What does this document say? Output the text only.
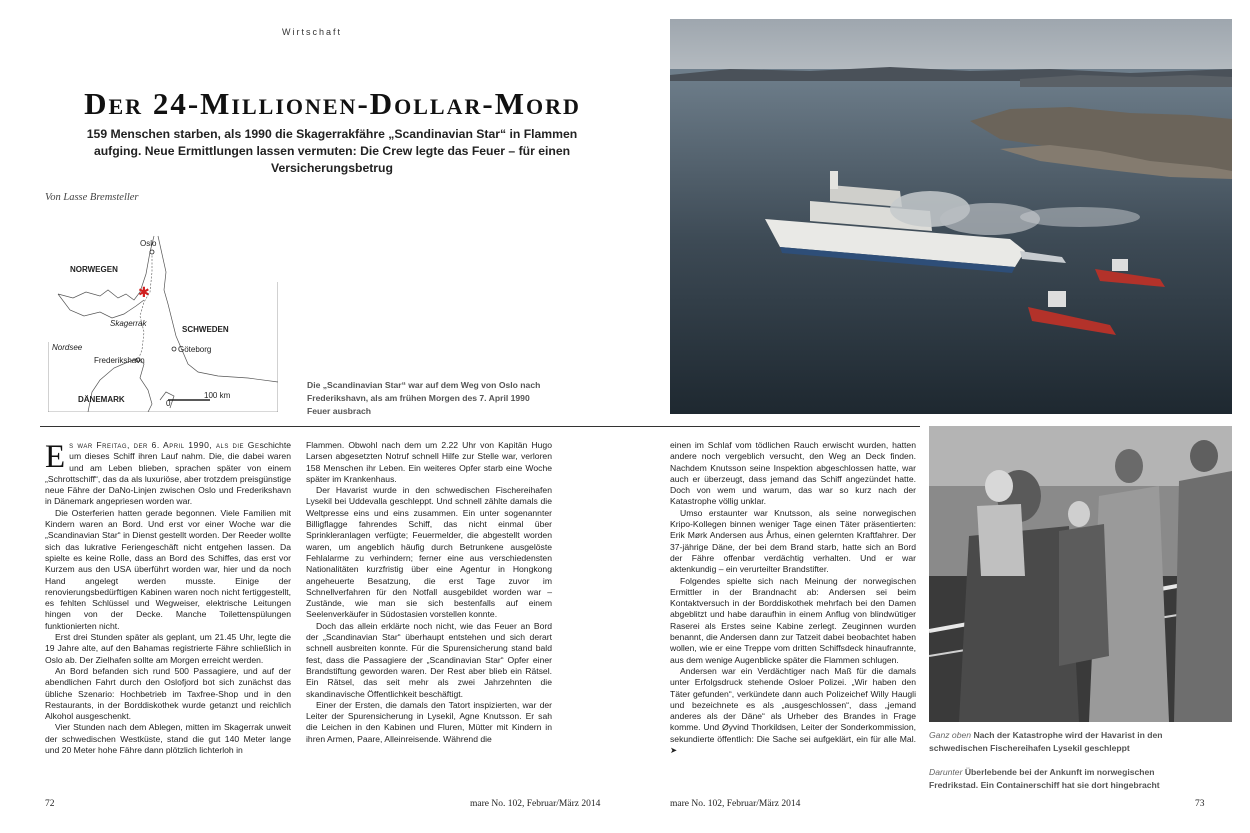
Wirtschaft
Der 24-Millionen-Dollar-Mord
159 Menschen starben, als 1990 die Skagerrakfähre „Scandinavian Star“ in Flammen aufging. Neue Ermittlungen lassen vermuten: Die Crew legte das Feuer – für einen Versicherungsbetrug
Von Lasse Bremsteller
✱
Oslo
NORWEGEN
SCHWEDEN
Nordsee
Skagerrak
Göteborg
Frederikshavn
DÄNEMARK	0
100 km
Die „Scandinavian Star“ war auf dem Weg von Oslo nach Frederikshavn, als am frühen Morgen des 7. April 1990 Feuer ausbrach

Es war Freitag, der 6. April 1990, als die Geschichte um dieses Schiff ihren Lauf nahm. Die, die dabei waren und am Leben blieben, sprachen später von einem „Schrottschiff“, das da als luxuriöse, aber trotzdem preisgünstige neue Fähre der DaNo-Linjen zwischen Oslo und Frederikshavn in Dänemark angepriesen worden war.

Die Osterferien hatten gerade begonnen. Viele Familien mit Kindern waren an Bord. Und erst vor einer Woche war die „Scandinavian Star“ in Dienst gestellt worden. Der Reeder wollte sich das lukrative Feriengeschäft nicht entgehen lassen. Da spielte es keine Rolle, dass an Bord des Schiffes, das erst vor Kurzem aus den USA überführt worden war, hier und da noch Hand angelegt werden musste. Einige der renovierungsbedürftigen Kabinen waren noch nicht fertiggestellt, es fehlten Schlüssel und Wegweiser, elektrische Leitungen hingen von der Decke. Manche Toilettenspülungen funktionierten nicht.

Erst drei Stunden später als geplant, um 21.45 Uhr, legte die 19 Jahre alte, auf den Bahamas registrierte Fähre schließlich in Oslo ab. Der Zielhafen sollte am Morgen erreicht werden.

An Bord befanden sich rund 500 Passagiere, und auf der abendlichen Fahrt durch den Oslofjord bot sich zunächst das übliche Szenario: Hochbetrieb im Taxfree-Shop und in den Restaurants, in der Borddiskothek wurde getanzt und reichlich Alkohol ausgeschenkt.

Vier Stunden nach dem Ablegen, mitten im Skagerrak unweit der schwedischen Westküste, stand die gut 140 Meter lange und 20 Meter hohe Fähre dann plötzlich lichterloh in

Flammen. Obwohl nach dem um 2.22 Uhr von Kapitän Hugo Larsen abgesetzten Notruf schnell Hilfe zur Stelle war, verloren 158 Menschen ihr Leben. Ein weiteres Opfer starb eine Woche später im Krankenhaus.

Der Havarist wurde in den schwedischen Fischereihafen Lysekil bei Uddevalla geschleppt. Und schnell zählte damals die Weltpresse eins und eins zusammen. Ein unter sogenannter Billigflagge fahrendes Schiff, das nicht einmal über Sprinkleranlagen verfügte; Feuermelder, die abgestellt worden waren, um angeblich häufig durch Betrunkene ausgelöste Fehlalarme zu verhindern; ferner eine aus verschiedensten Nationalitäten kurzfristig über eine Agentur in Hongkong angeheuerte Besatzung, die erst Tage zuvor im Schnellverfahren für den Notfall ausgebildet worden war – Zustände, wie man sie sich bestenfalls auf einem Seelenverkäufer in Südostasien vorstellen konnte.

Doch das allein erklärte noch nicht, wie das Feuer an Bord der „Scandinavian Star“ überhaupt entstehen und sich derart schnell ausbreiten konnte. Für die Spurensicherung stand bald fest, dass die Passagiere der „Scandinavian Star“ Opfer einer Brandstiftung geworden waren. Der Rest aber blieb ein Rätsel. Ein Rätsel, das seit mehr als zwei Jahrzehnten die skandinavische Öffentlichkeit beschäftigt.

Einer der Ersten, die damals den Tatort inspizierten, war der Leiter der Spurensicherung in Lysekil, Agne Knutsson. Er sah die Leichen in den Kabinen und Fluren, Mütter mit Kindern in ihren Armen, Paare, Alleinreisende. Während die

einen im Schlaf vom tödlichen Rauch erwischt wurden, hatten andere noch vergeblich versucht, den Weg an Deck finden. Nachdem Knutsson seine Inspektion abgeschlossen hatte, war auch er überzeugt, dass jemand das Schiff angezündet hatte. Doch von wem und warum, das war so kurz nach der Katastrophe völlig unklar.

Umso erstaunter war Knutsson, als seine norwegischen Kripo-Kollegen binnen weniger Tage einen Täter präsentierten: Erik Mørk Andersen aus Århus, einen gelernten Kraftfahrer. Der 37-jährige Däne, der bei dem Brand starb, hatte sich an Bord der Fähre offenbar verdächtig verhalten. Und er war aktenkundig – ein verurteilter Brandstifter.

Folgendes spielte sich nach Meinung der norwegischen Ermittler in der Brandnacht ab: Andersen sei beim Kontaktversuch in der Borddiskothek mehrfach bei den Damen abgeblitzt und habe daraufhin in einem Anflug von blindwütiger Raserei als Erstes seine Kabine zerlegt. Zeuginnen wurden benannt, die Andersen dann zur Tatzeit dabei beobachtet haben wollen, wie er eine Treppe vom dritten Schiffsdeck hinaufrannte, aus dem wenige Augenblicke später die Flammen schlugen.

Andersen war ein Verdächtiger nach Maß für die damals unter Erfolgsdruck stehende Osloer Polizei. „Wir haben den Täter gefunden“, verkündete dann auch Polizeichef Willy Haugli und bezeichnete es als „ausgeschlossen“, dass „jemand anderes als der Däne“ als Urheber des Brandes in Frage komme. Und Øyvind Thorkildsen, Leiter der Sonderkommission, sekundierte öffentlich: Die Sache sei aufgeklärt, ein für alle Mal. ➤

Ganz oben Nach der Katastrophe wird der Havarist in den schwedischen Fischereihafen Lysekil geschleppt
Darunter Überlebende bei der Ankunft im norwegischen Fredrikstad. Ein Containerschiff hat sie dort hingebracht
72	mare No. 102, Februar/März 2014	mare No. 102, Februar/März 2014	73
